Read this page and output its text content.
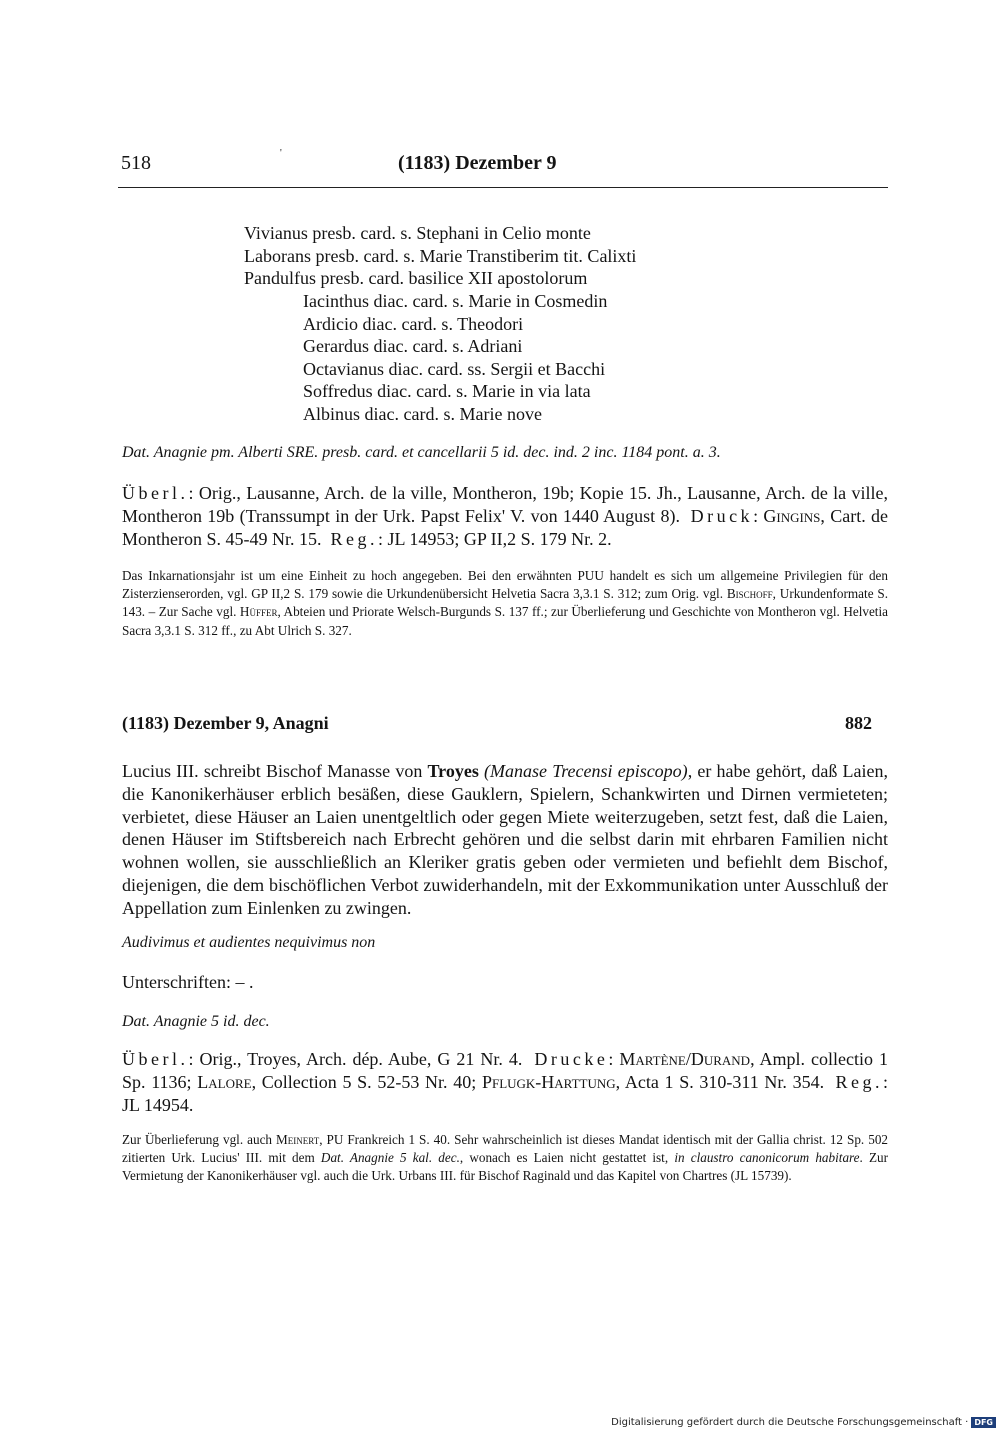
518	'	(1183) Dezember 9
Vivianus presb. card. s. Stephani in Celio monte
Laborans presb. card. s. Marie Transtiberim tit. Calixti
Pandulfus presb. card. basilice XII apostolorum
Iacinthus diac. card. s. Marie in Cosmedin
Ardicio diac. card. s. Theodori
Gerardus diac. card. s. Adriani
Octavianus diac. card. ss. Sergii et Bacchi
Soffredus diac. card. s. Marie in via lata
Albinus diac. card. s. Marie nove
Dat. Anagnie pm. Alberti SRE. presb. card. et cancellarii 5 id. dec. ind. 2 inc. 1184 pont. a. 3.
Überl.: Orig., Lausanne, Arch. de la ville, Montheron, 19b; Kopie 15. Jh., Lausanne, Arch. de la ville, Montheron 19b (Transsumpt in der Urk. Papst Felix' V. von 1440 August 8). Druck: Gingins, Cart. de Montheron S. 45-49 Nr. 15. Reg.: JL 14953; GP II,2 S. 179 Nr. 2.
Das Inkarnationsjahr ist um eine Einheit zu hoch angegeben. Bei den erwähnten PUU handelt es sich um allgemeine Privilegien für den Zisterzienserorden, vgl. GP II,2 S. 179 sowie die Urkundenübersicht Helvetia Sacra 3,3.1 S. 312; zum Orig. vgl. Bischoff, Urkundenformate S. 143. – Zur Sache vgl. Hüffer, Abteien und Priorate Welsch-Burgunds S. 137 ff.; zur Überlieferung und Geschichte von Montheron vgl. Helvetia Sacra 3,3.1 S. 312 ff., zu Abt Ulrich S. 327.
(1183) Dezember 9, Anagni	882
Lucius III. schreibt Bischof Manasse von Troyes (Manase Trecensi episcopo), er habe gehört, daß Laien, die Kanonikerhäuser erblich besäßen, diese Gauklern, Spielern, Schankwirten und Dirnen vermieteten; verbietet, diese Häuser an Laien unentgeltlich oder gegen Miete weiterzugeben, setzt fest, daß die Laien, denen Häuser im Stiftsbereich nach Erbrecht gehören und die selbst darin mit ehrbaren Familien nicht wohnen wollen, sie ausschließlich an Kleriker gratis geben oder vermieten und befiehlt dem Bischof, diejenigen, die dem bischöflichen Verbot zuwiderhandeln, mit der Exkommunikation unter Ausschluß der Appellation zum Einlenken zu zwingen.
Audivimus et audientes nequivimus non
Unterschriften: – .
Dat. Anagnie 5 id. dec.
Überl.: Orig., Troyes, Arch. dép. Aube, G 21 Nr. 4. Drucke: Martène/Durand, Ampl. collectio 1 Sp. 1136; Lalore, Collection 5 S. 52-53 Nr. 40; Pflugk-Harttung, Acta 1 S. 310-311 Nr. 354. Reg.: JL 14954.
Zur Überlieferung vgl. auch Meinert, PU Frankreich 1 S. 40. Sehr wahrscheinlich ist dieses Mandat identisch mit der Gallia christ. 12 Sp. 502 zitierten Urk. Lucius' III. mit dem Dat. Anagnie 5 kal. dec., wonach es Laien nicht gestattet ist, in claustro canonicorum habitare. Zur Vermietung der Kanonikerhäuser vgl. auch die Urk. Urbans III. für Bischof Raginald und das Kapitel von Chartres (JL 15739).
Digitalisierung gefördert durch die Deutsche Forschungsgemeinschaft · DFG
